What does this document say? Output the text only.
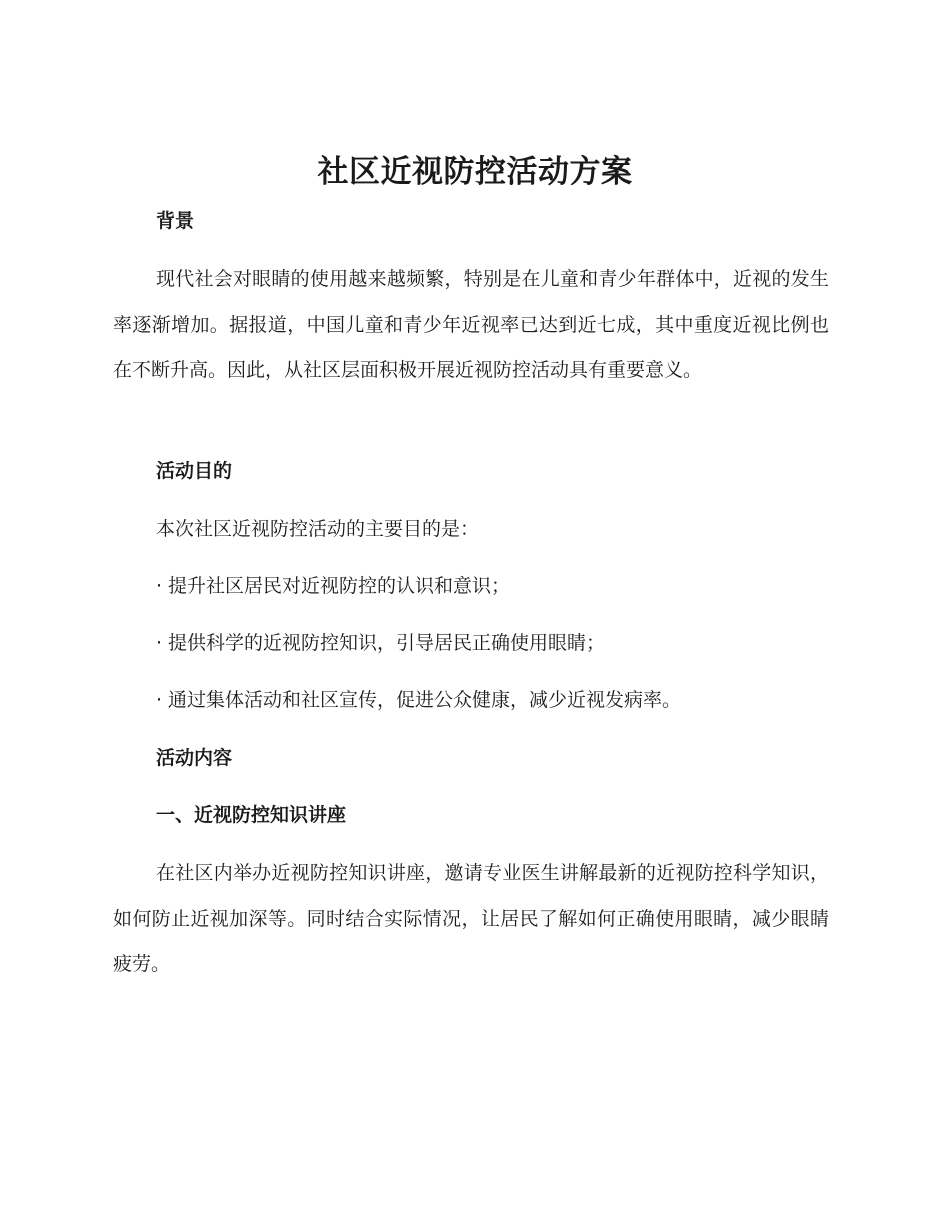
社区近视防控活动方案
背景

现代社会对眼睛的使用越来越频繁，特别是在儿童和青少年群体中，近视的发生率逐渐增加。据报道，中国儿童和青少年近视率已达到近七成，其中重度近视比例也在不断升高。因此，从社区层面积极开展近视防控活动具有重要意义。

活动目的

本次社区近视防控活动的主要目的是：

· 提升社区居民对近视防控的认识和意识；

· 提供科学的近视防控知识，引导居民正确使用眼睛；

· 通过集体活动和社区宣传，促进公众健康，减少近视发病率。

活动内容
一、近视防控知识讲座

在社区内举办近视防控知识讲座，邀请专业医生讲解最新的近视防控科学知识，如何防止近视加深等。同时结合实际情况，让居民了解如何正确使用眼睛，减少眼睛疲劳。
